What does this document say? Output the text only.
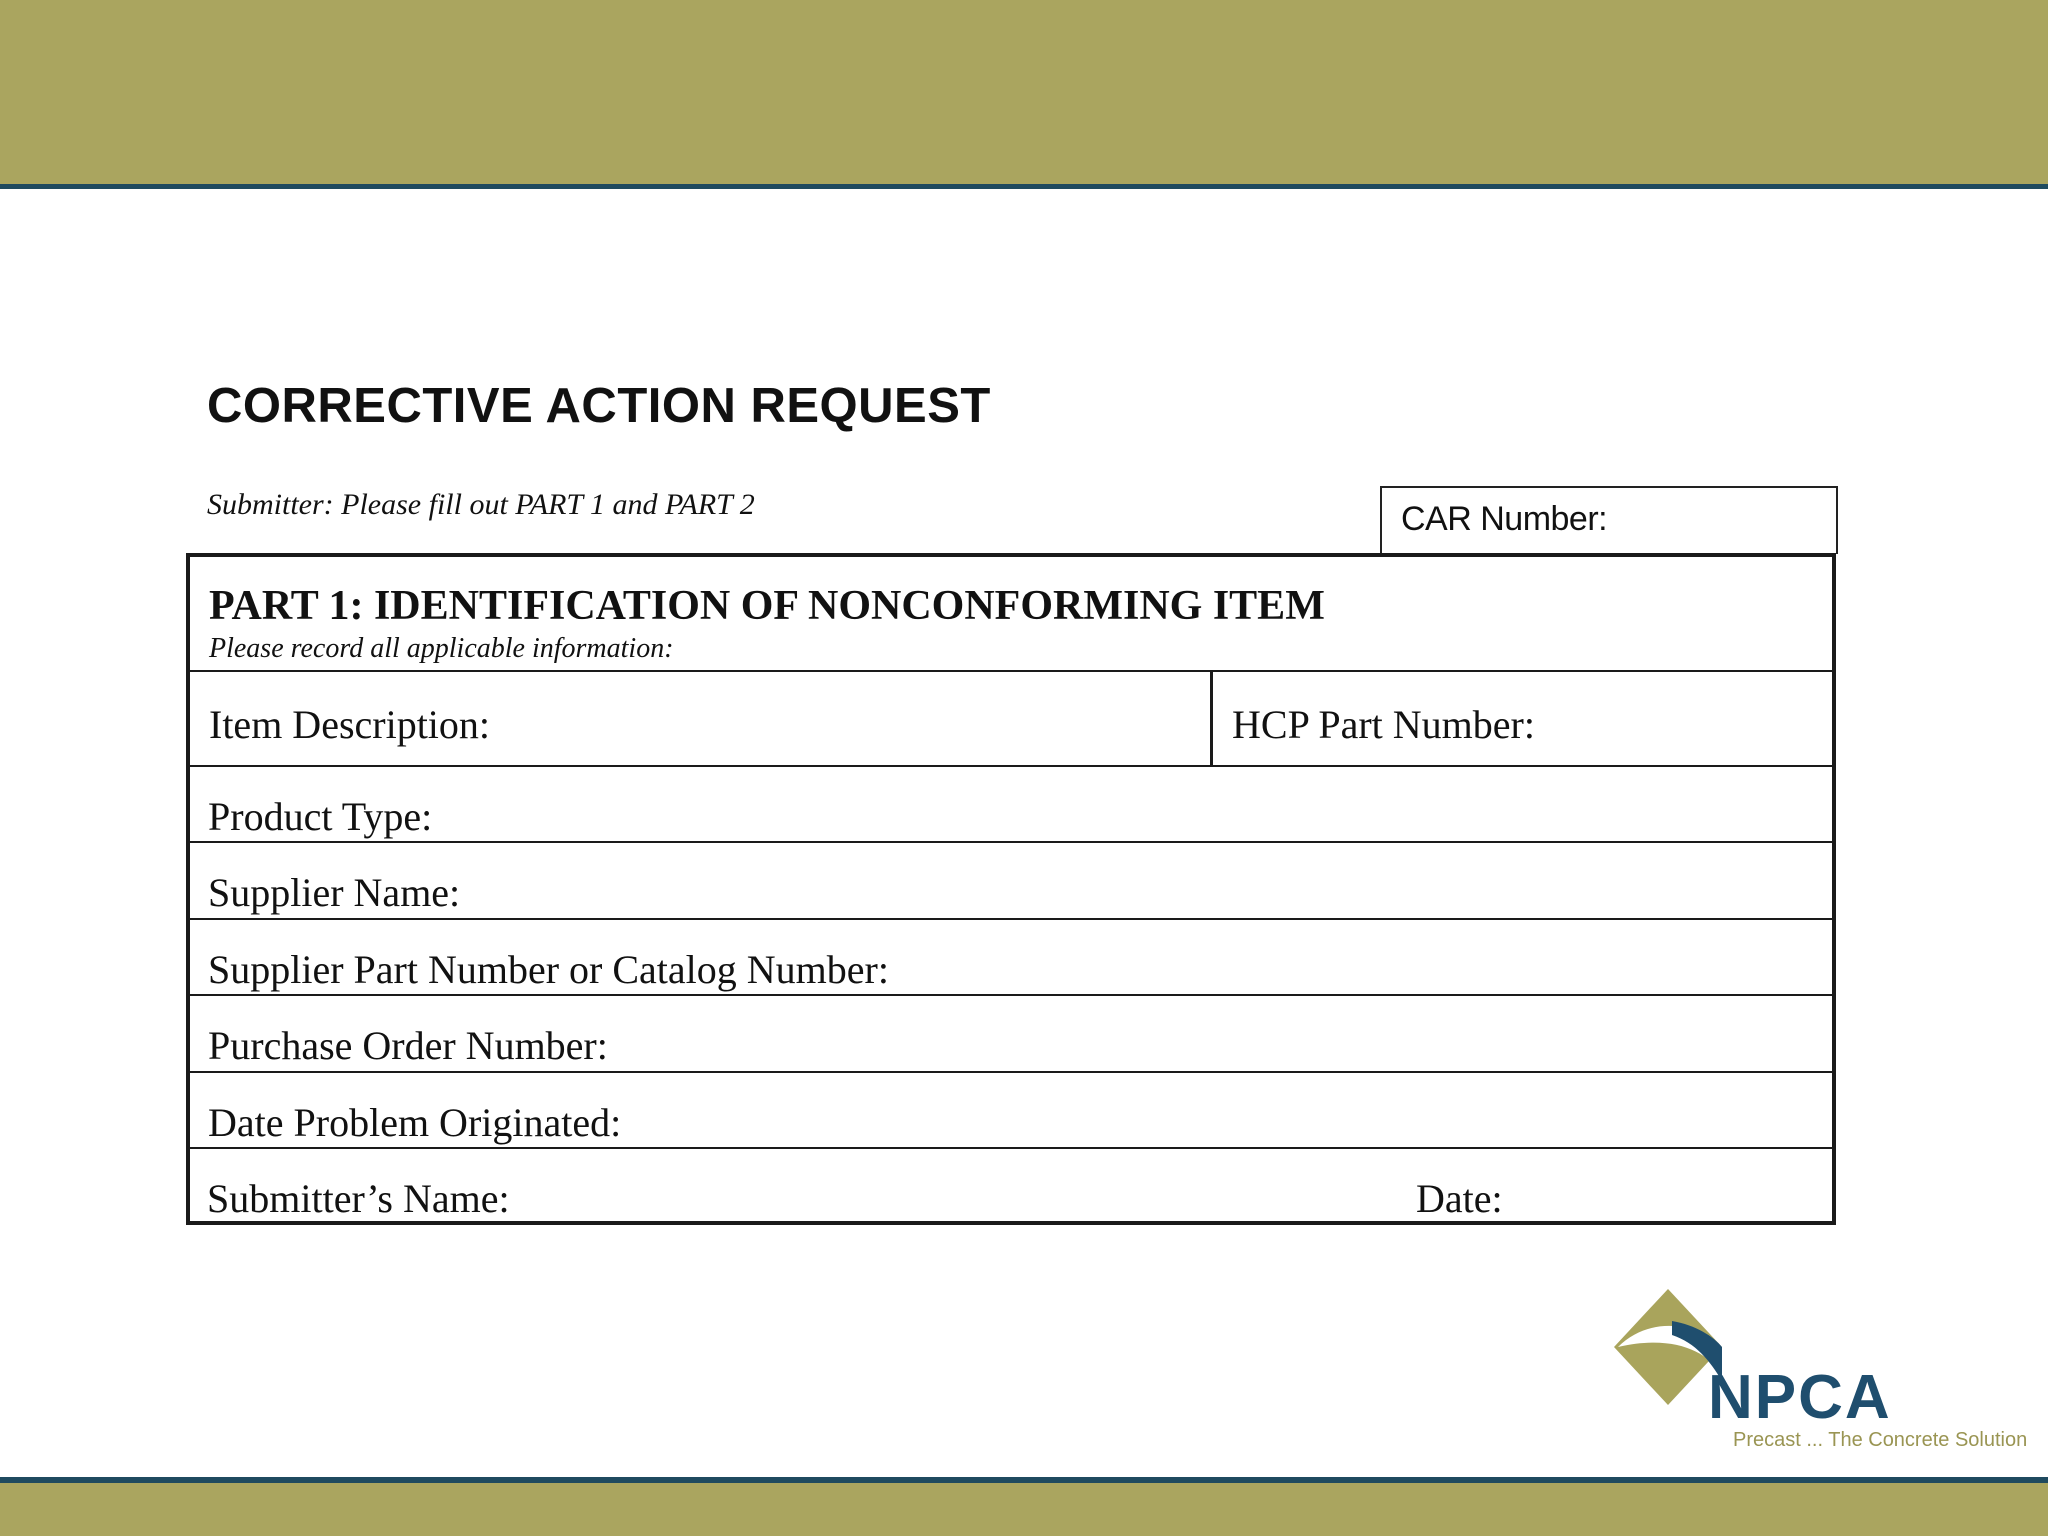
CORRECTIVE ACTION REQUEST
Submitter: Please fill out PART 1 and PART 2	CAR Number:
PART 1: IDENTIFICATION OF NONCONFORMING ITEM
Please record all applicable information:
Item Description:	HCP Part Number:
Product Type:
Supplier Name:
Supplier Part Number or Catalog Number:
Purchase Order Number:
Date Problem Originated:
Submitter’s Name:	Date:
NPCA
Precast ... The Concrete Solution
